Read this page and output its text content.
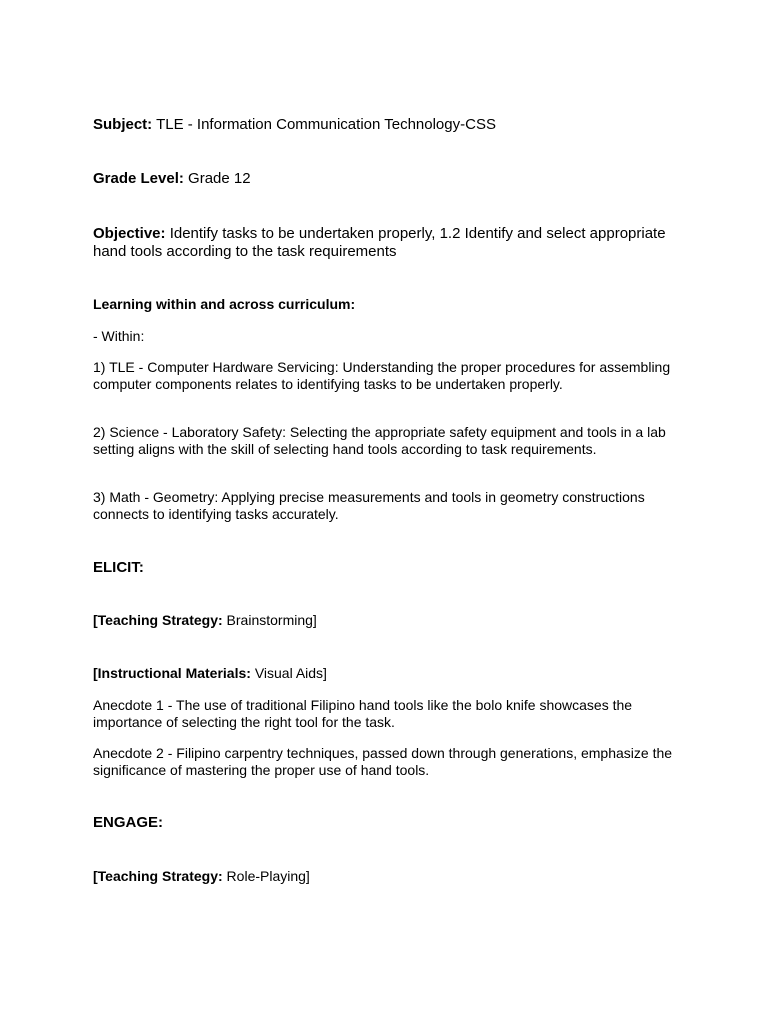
Subject: TLE - Information Communication Technology-CSS

Grade Level: Grade 12

Objective: Identify tasks to be undertaken properly, 1.2 Identify and select appropriate hand tools according to the task requirements

Learning within and across curriculum:

- Within:

1) TLE - Computer Hardware Servicing: Understanding the proper procedures for assembling computer components relates to identifying tasks to be undertaken properly.

2) Science - Laboratory Safety: Selecting the appropriate safety equipment and tools in a lab setting aligns with the skill of selecting hand tools according to task requirements.

3) Math - Geometry: Applying precise measurements and tools in geometry constructions connects to identifying tasks accurately.

ELICIT:

[Teaching Strategy: Brainstorming]

[Instructional Materials: Visual Aids]

Anecdote 1 - The use of traditional Filipino hand tools like the bolo knife showcases the importance of selecting the right tool for the task.

Anecdote 2 - Filipino carpentry techniques, passed down through generations, emphasize the significance of mastering the proper use of hand tools.

ENGAGE:

[Teaching Strategy: Role-Playing]
